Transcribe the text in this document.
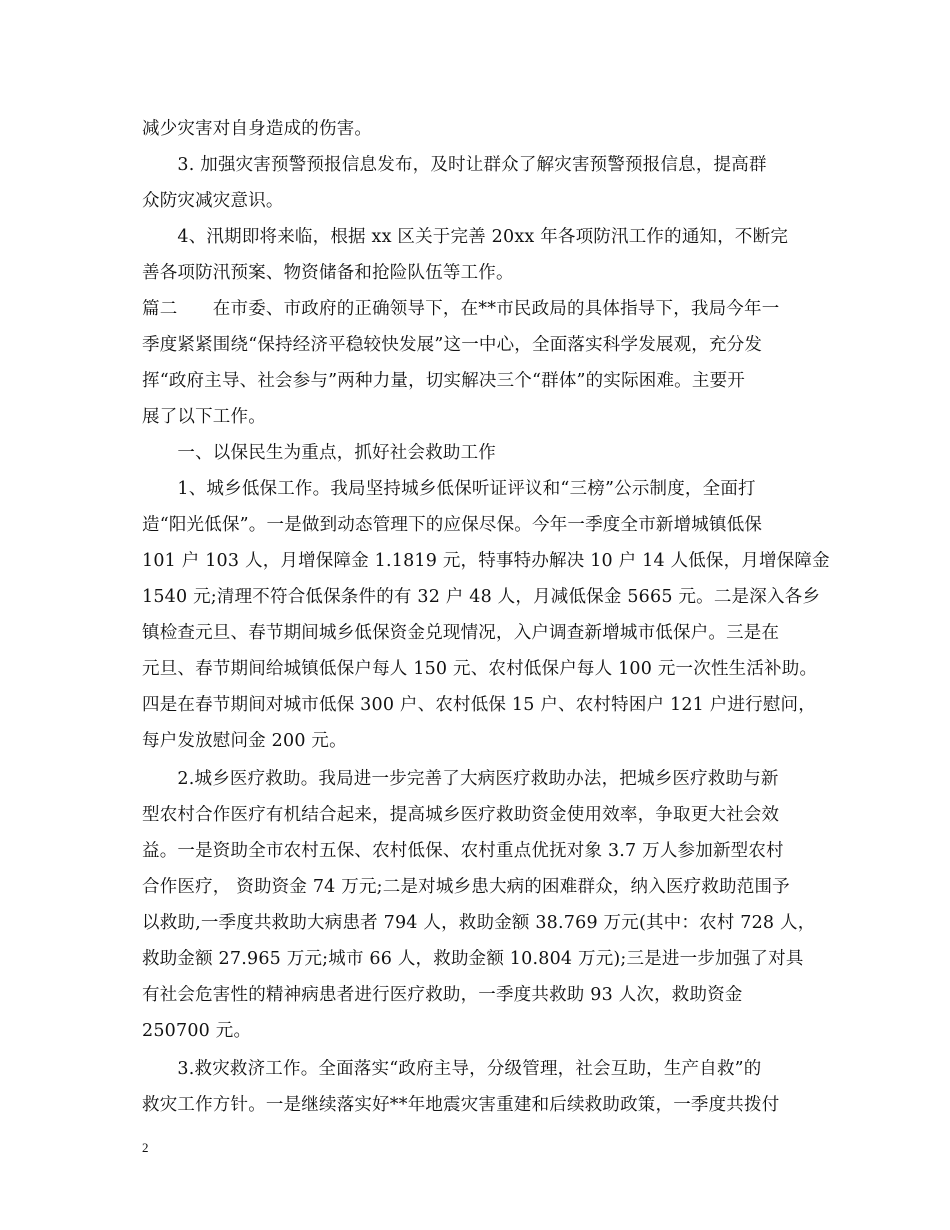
减少灾害对自身造成的伤害。
　　3. 加强灾害预警预报信息发布，及时让群众了解灾害预警预报信息，提高群
众防灾减灾意识。
　　4、汛期即将来临，根据 xx 区关于完善 20xx 年各项防汛工作的通知，不断完
善各项防汛预案、物资储备和抢险队伍等工作。
篇二　　在市委、市政府的正确领导下，在**市民政局的具体指导下，我局今年一
季度紧紧围绕“保持经济平稳较快发展”这一中心，全面落实科学发展观，充分发
挥“政府主导、社会参与”两种力量，切实解决三个“群体”的实际困难。主要开
展了以下工作。
　　一、以保民生为重点，抓好社会救助工作
　　1、城乡低保工作。我局坚持城乡低保听证评议和“三榜”公示制度，全面打
造“阳光低保”。一是做到动态管理下的应保尽保。今年一季度全市新增城镇低保
101 户 103 人，月增保障金 1.1819 元，特事特办解决 10 户 14 人低保，月增保障金
1540 元;清理不符合低保条件的有 32 户 48 人，月减低保金 5665 元。二是深入各乡
镇检查元旦、春节期间城乡低保资金兑现情况，入户调查新增城市低保户。三是在
元旦、春节期间给城镇低保户每人 150 元、农村低保户每人 100 元一次性生活补助。
四是在春节期间对城市低保 300 户、农村低保 15 户、农村特困户 121 户进行慰问，
每户发放慰问金 200 元。
　　2.城乡医疗救助。我局进一步完善了大病医疗救助办法，把城乡医疗救助与新
型农村合作医疗有机结合起来，提高城乡医疗救助资金使用效率，争取更大社会效
益。一是资助全市农村五保、农村低保、农村重点优抚对象 3.7 万人参加新型农村
合作医疗， 资助资金 74 万元;二是对城乡患大病的困难群众，纳入医疗救助范围予
以救助,一季度共救助大病患者 794 人，救助金额 38.769 万元(其中：农村 728 人，
救助金额 27.965 万元;城市 66 人，救助金额 10.804 万元);三是进一步加强了对具
有社会危害性的精神病患者进行医疗救助，一季度共救助 93 人次，救助资金
250700 元。
　　3.救灾救济工作。全面落实“政府主导，分级管理，社会互助，生产自救”的
救灾工作方针。一是继续落实好**年地震灾害重建和后续救助政策，一季度共拨付
2
